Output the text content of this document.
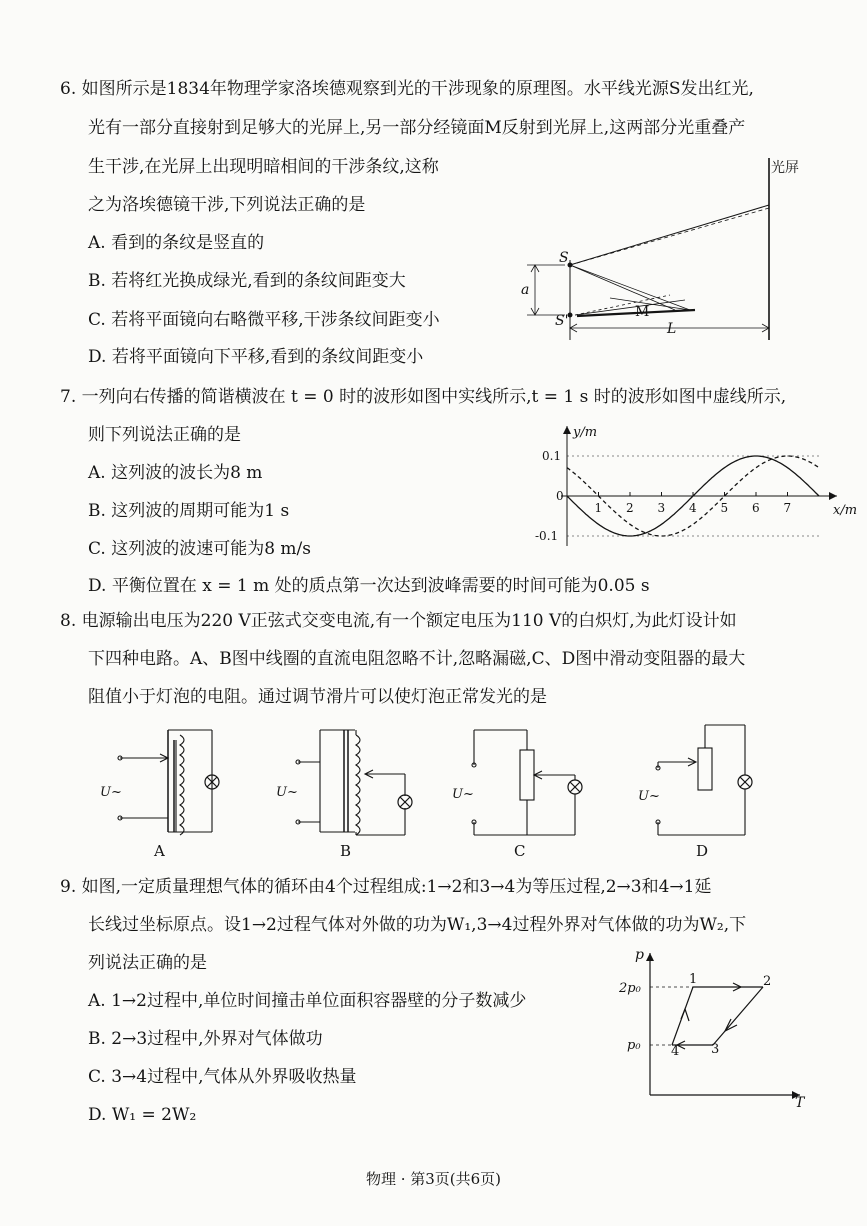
6. 如图所示是1834年物理学家洛埃德观察到光的干涉现象的原理图。水平线光源S发出红光,
光有一部分直接射到足够大的光屏上,另一部分经镜面M反射到光屏上,这两部分光重叠产
生干涉,在光屏上出现明暗相间的干涉条纹,这称
之为洛埃德镜干涉,下列说法正确的是
A. 看到的条纹是竖直的
B. 若将红光换成绿光,看到的条纹间距变大
C. 若将平面镜向右略微平移,干涉条纹间距变小
D. 若将平面镜向下平移,看到的条纹间距变小
光屏
S
S'
a
M
L
7. 一列向右传播的简谐横波在 t = 0 时的波形如图中实线所示,t = 1 s 时的波形如图中虚线所示,
则下列说法正确的是
A. 这列波的波长为8 m
B. 这列波的周期可能为1 s
C. 这列波的波速可能为8 m/s
D. 平衡位置在 x = 1 m 处的质点第一次达到波峰需要的时间可能为0.05 s
y/m
x/m
1 2 3 4 5 6 7
0.1
0
-0.1
8. 电源输出电压为220 V正弦式交变电流,有一个额定电压为110 V的白炽灯,为此灯设计如
下四种电路。A、B图中线圈的直流电阻忽略不计,忽略漏磁,C、D图中滑动变阻器的最大
阻值小于灯泡的电阻。通过调节滑片可以使灯泡正常发光的是
U~	U~	U~	U~
A	B	C	D
9. 如图,一定质量理想气体的循环由4个过程组成:1→2和3→4为等压过程,2→3和4→1延
长线过坐标原点。设1→2过程气体对外做的功为W₁,3→4过程外界对气体做的功为W₂,下
列说法正确的是
A. 1→2过程中,单位时间撞击单位面积容器壁的分子数减少
B. 2→3过程中,外界对气体做功
C. 3→4过程中,气体从外界吸收热量
D. W₁ = 2W₂
p
T
2p₀
p₀
1	2
3
4
物理 · 第3页(共6页)
